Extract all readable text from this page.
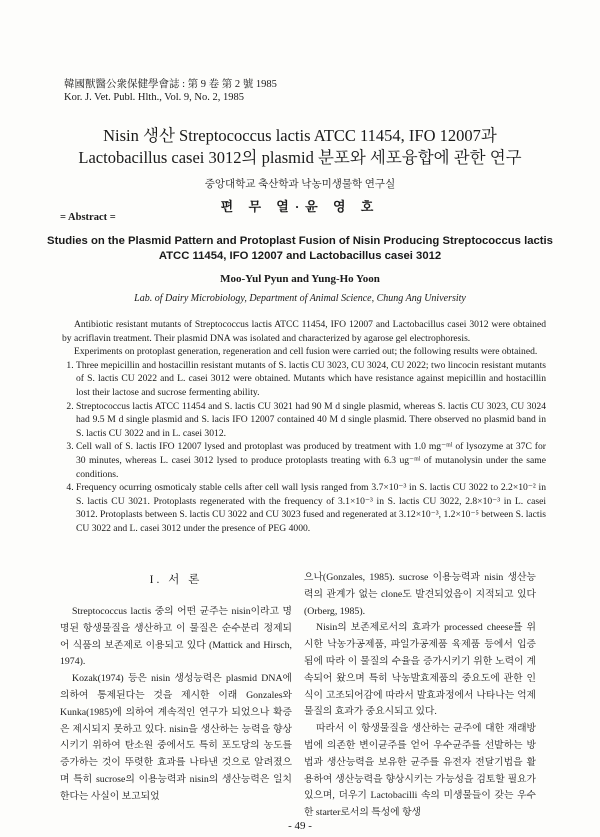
韓國獸醫公衆保健學會誌 : 第 9 卷 第 2 號 1985
Kor. J. Vet. Publ. Hlth., Vol. 9, No. 2, 1985
Nisin 생산 Streptococcus lactis ATCC 11454, IFO 12007과
Lactobacillus casei 3012의 plasmid 분포와 세포융합에 관한 연구
중앙대학교 축산학과 낙농미생물학 연구실
편 무 열·윤 영 호
= Abstract =
Studies on the Plasmid Pattern and Protoplast Fusion of Nisin Producing Streptococcus lactis
ATCC 11454, IFO 12007 and Lactobacillus casei 3012
Moo-Yul Pyun and Yung-Ho Yoon
Lab. of Dairy Microbiology, Department of Animal Science, Chung Ang University

Antibiotic resistant mutants of Streptococcus lactis ATCC 11454, IFO 12007 and Lactobacillus casei 3012 were obtained by acriflavin treatment. Their plasmid DNA was isolated and characterized by agarose gel electrophoresis.

Experiments on protoplast generation, regeneration and cell fusion were carried out; the following results were obtained.

1. Three mepicillin and hostacillin resistant mutants of S. lactis CU 3023, CU 3024, CU 2022; two lincocin resistant mutants of S. lactis CU 2022 and L. casei 3012 were obtained. Mutants which have resistance against mepicillin and hostacillin lost their lactose and sucrose fermenting ability.
2. Streptococcus lactis ATCC 11454 and S. lactis CU 3021 had 90 M d single plasmid, whereas S. lactis CU 3023, CU 3024 had 9.5 M d single plasmid and S. lacis IFO 12007 contained 40 M d single plasmid. There observed no plasmid band in S. lactis CU 3022 and in L. casei 3012.
3. Cell wall of S. lactis IFO 12007 lysed and protoplast was produced by treatment with 1.0 mg⁻ᵐˡ of lysozyme at 37C for 30 minutes, whereas L. casei 3012 lysed to produce protoplasts treating with 6.3 ug⁻ᵐˡ of mutanolysin under the same conditions.
4. Frequency ocurring osmoticaly stable cells after cell wall lysis ranged from 3.7×10⁻³ in S. lactis CU 3022 to 2.2×10⁻² in S. lactis CU 3021. Protoplasts regenerated with the frequency of 3.1×10⁻³ in S. lactis CU 3022, 2.8×10⁻³ in L. casei 3012. Protoplasts between S. lactis CU 3022 and CU 3023 fused and regenerated at 3.12×10⁻³, 1.2×10⁻⁵ between S. lactis CU 3022 and L. casei 3012 under the presence of PEG 4000.
I. 서 론

Streptococcus lactis 중의 어떤 균주는 nisin이라고 명명된 항생물질을 생산하고 이 물질은 순수분리 정제되어 식품의 보존제로 이용되고 있다 (Mattick and Hirsch, 1974).

Kozak(1974) 등은 nisin 생성능력은 plasmid DNA에 의하여 통제된다는 것을 제시한 이래 Gonzales와 Kunka(1985)에 의하여 계속적인 연구가 되었으나 확증은 제시되지 못하고 있다. nisin을 생산하는 능력을 향상시키기 위하여 탄소원 중에서도 특히 포도당의 농도를 증가하는 것이 뚜렷한 효과를 나타낸 것으로 알려졌으며 특히 sucrose의 이용능력과 nisin의 생산능력은 일치한다는 사실이 보고되었

으나(Gonzales, 1985). sucrose 이용능력과 nisin 생산능력의 관계가 없는 clone도 발견되었음이 지적되고 있다(Orberg, 1985).

Nisin의 보존제로서의 효과가 processed cheese를 위시한 낙농가공제품, 파일가공제품 육제품 등에서 입증됨에 따라 이 물질의 수율을 증가시키기 위한 노력이 계속되어 왔으며 특히 낙농발효제품의 중요도에 관한 인식이 고조되어감에 따라서 발효과정에서 나타나는 억제물질의 효과가 중요시되고 있다.

따라서 이 항생물질을 생산하는 균주에 대한 재래방법에 의존한 변이균주를 얻어 우수균주를 선발하는 방법과 생산능력을 보유한 균주를 유전자 전달기법을 활용하여 생산능력을 향상시키는 가능성을 검토할 필요가 있으며, 더우기 Lactobacilli 속의 미생물들이 갖는 우수한 starter로서의 특성에 항생

- 49 -
